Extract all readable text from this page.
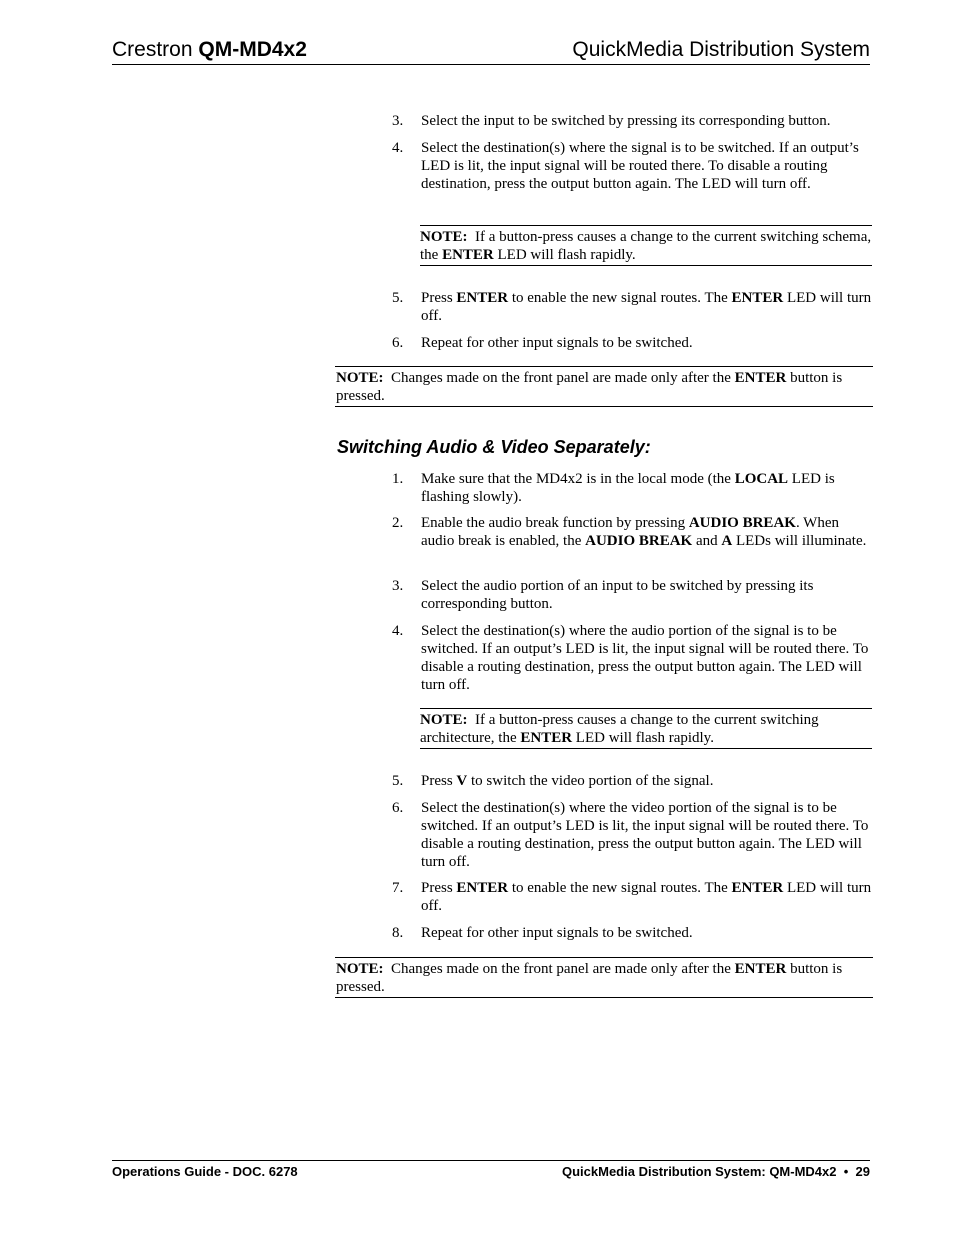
Crestron QM-MD4x2	QuickMedia Distribution System
3.	Select the input to be switched by pressing its corresponding button.
4.	Select the destination(s) where the signal is to be switched. If an output’s LED is lit, the input signal will be routed there. To disable a routing destination, press the output button again. The LED will turn off.
NOTE:  If a button-press causes a change to the current switching schema, the ENTER LED will flash rapidly.
5.	Press ENTER to enable the new signal routes. The ENTER LED will turn off.
6.	Repeat for other input signals to be switched.
NOTE:  Changes made on the front panel are made only after the ENTER button is pressed.
Switching Audio & Video Separately:
1.	Make sure that the MD4x2 is in the local mode (the LOCAL LED is flashing slowly).
2.	Enable the audio break function by pressing AUDIO BREAK. When audio break is enabled, the AUDIO BREAK and A LEDs will illuminate.
3.	Select the audio portion of an input to be switched by pressing its corresponding button.
4.	Select the destination(s) where the audio portion of the signal is to be switched. If an output’s LED is lit, the input signal will be routed there. To disable a routing destination, press the output button again. The LED will turn off.
NOTE:  If a button-press causes a change to the current switching architecture, the ENTER LED will flash rapidly.
5.	Press V to switch the video portion of the signal.
6.	Select the destination(s) where the video portion of the signal is to be switched. If an output’s LED is lit, the input signal will be routed there. To disable a routing destination, press the output button again. The LED will turn off.
7.	Press ENTER to enable the new signal routes. The ENTER LED will turn off.
8.	Repeat for other input signals to be switched.
NOTE:  Changes made on the front panel are made only after the ENTER button is pressed.
Operations Guide - DOC. 6278	QuickMedia Distribution System: QM-MD4x2 • 29
